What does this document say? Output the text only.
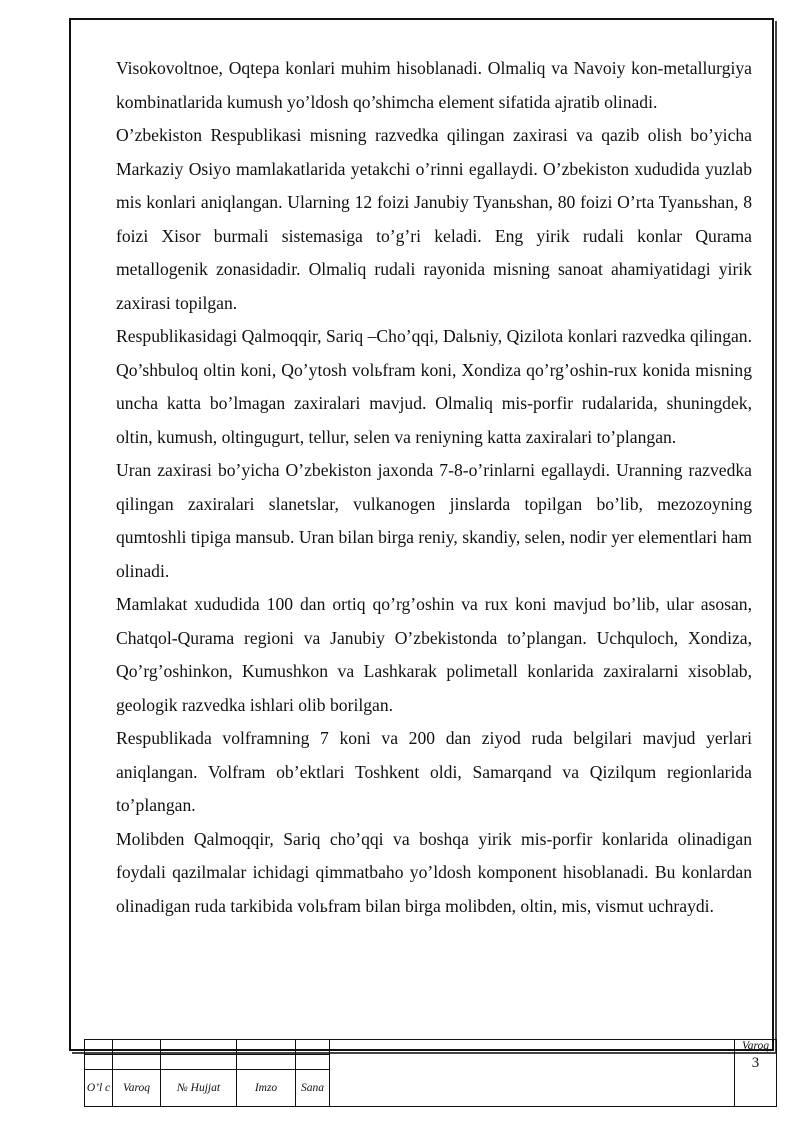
Visokovoltnoe, Oqtepa konlari muhim hisoblanadi. Olmaliq va Navoiy kon-metallurgiya kombinatlarida kumush yo’ldosh qo’shimcha element sifatida ajratib olinadi.

O’zbekiston Respublikasi misning razvedka qilingan zaxirasi va qazib olish bo’yicha Markaziy Osiyo mamlakatlarida yetakchi o’rinni egallaydi. O’zbekiston xududida yuzlab mis konlari aniqlangan. Ularning 12 foizi Janubiy Tyanьshan, 80 foizi O’rta Tyanьshan, 8 foizi Xisor burmali sistemasiga to’g’ri keladi. Eng yirik rudali konlar Qurama metallogenik zonasidadir. Olmaliq rudali rayonida misning sanoat ahamiyatidagi yirik zaxirasi topilgan.

Respublikasidagi Qalmoqqir, Sariq –Cho’qqi, Dalьniy, Qizilota konlari razvedka qilingan. Qo’shbuloq oltin koni, Qo’ytosh volьfram koni, Xondiza qo’rg’oshin-rux konida misning uncha katta bo’lmagan zaxiralari mavjud. Olmaliq mis-porfir rudalarida, shuningdek, oltin, kumush, oltingugurt, tellur, selen va reniyning katta zaxiralari to’plangan.

Uran zaxirasi bo’yicha O’zbekiston jaxonda 7-8-o’rinlarni egallaydi. Uranning razvedka qilingan zaxiralari slanetslar, vulkanogen jinslarda topilgan bo’lib, mezozoyning qumtoshli tipiga mansub. Uran bilan birga reniy, skandiy, selen, nodir yer elementlari ham olinadi.

Mamlakat xududida 100 dan ortiq qo’rg’oshin va rux koni mavjud bo’lib, ular asosan, Chatqol-Qurama regioni va Janubiy O’zbekistonda to’plangan. Uchquloch, Xondiza, Qo’rg’oshinkon, Kumushkon va Lashkarak polimetall konlarida zaxiralarni xisoblab, geologik razvedka ishlari olib borilgan.

Respublikada volframning 7 koni va 200 dan ziyod ruda belgilari mavjud yerlari aniqlangan. Volfram ob’ektlari Toshkent oldi, Samarqand va Qizilqum regionlarida to’plangan.

Molibden Qalmoqqir, Sariq cho’qqi va boshqa yirik mis-porfir konlarida olinadigan foydali qazilmalar ichidagi qimmatbaho yo’ldosh komponent hisoblanadi. Bu konlardan olinadigan ruda tarkibida volьfram bilan birga molibden, oltin, mis, vismut uchraydi.

						Varoq
3

O’l c	Varoq	№ Hujjat	Imzo	Sana		
